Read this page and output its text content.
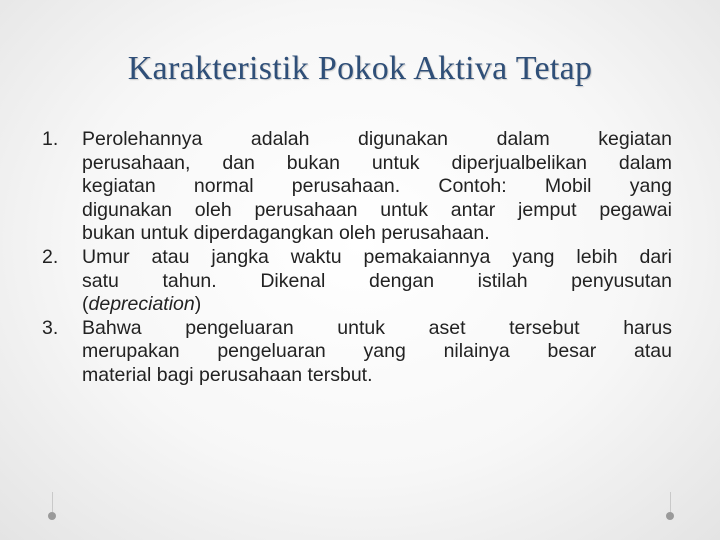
Karakteristik Pokok Aktiva Tetap
1.	Perolehannya adalah digunakan dalam kegiatan
perusahaan, dan bukan untuk diperjualbelikan dalam
kegiatan normal perusahaan. Contoh: Mobil yang
digunakan oleh perusahaan untuk antar jemput pegawai
bukan untuk diperdagangkan oleh perusahaan.
2.	Umur atau jangka waktu pemakaiannya yang lebih dari
satu tahun. Dikenal dengan istilah penyusutan
(depreciation)
3.	Bahwa pengeluaran untuk aset tersebut harus
merupakan pengeluaran yang nilainya besar atau
material bagi perusahaan tersbut.
